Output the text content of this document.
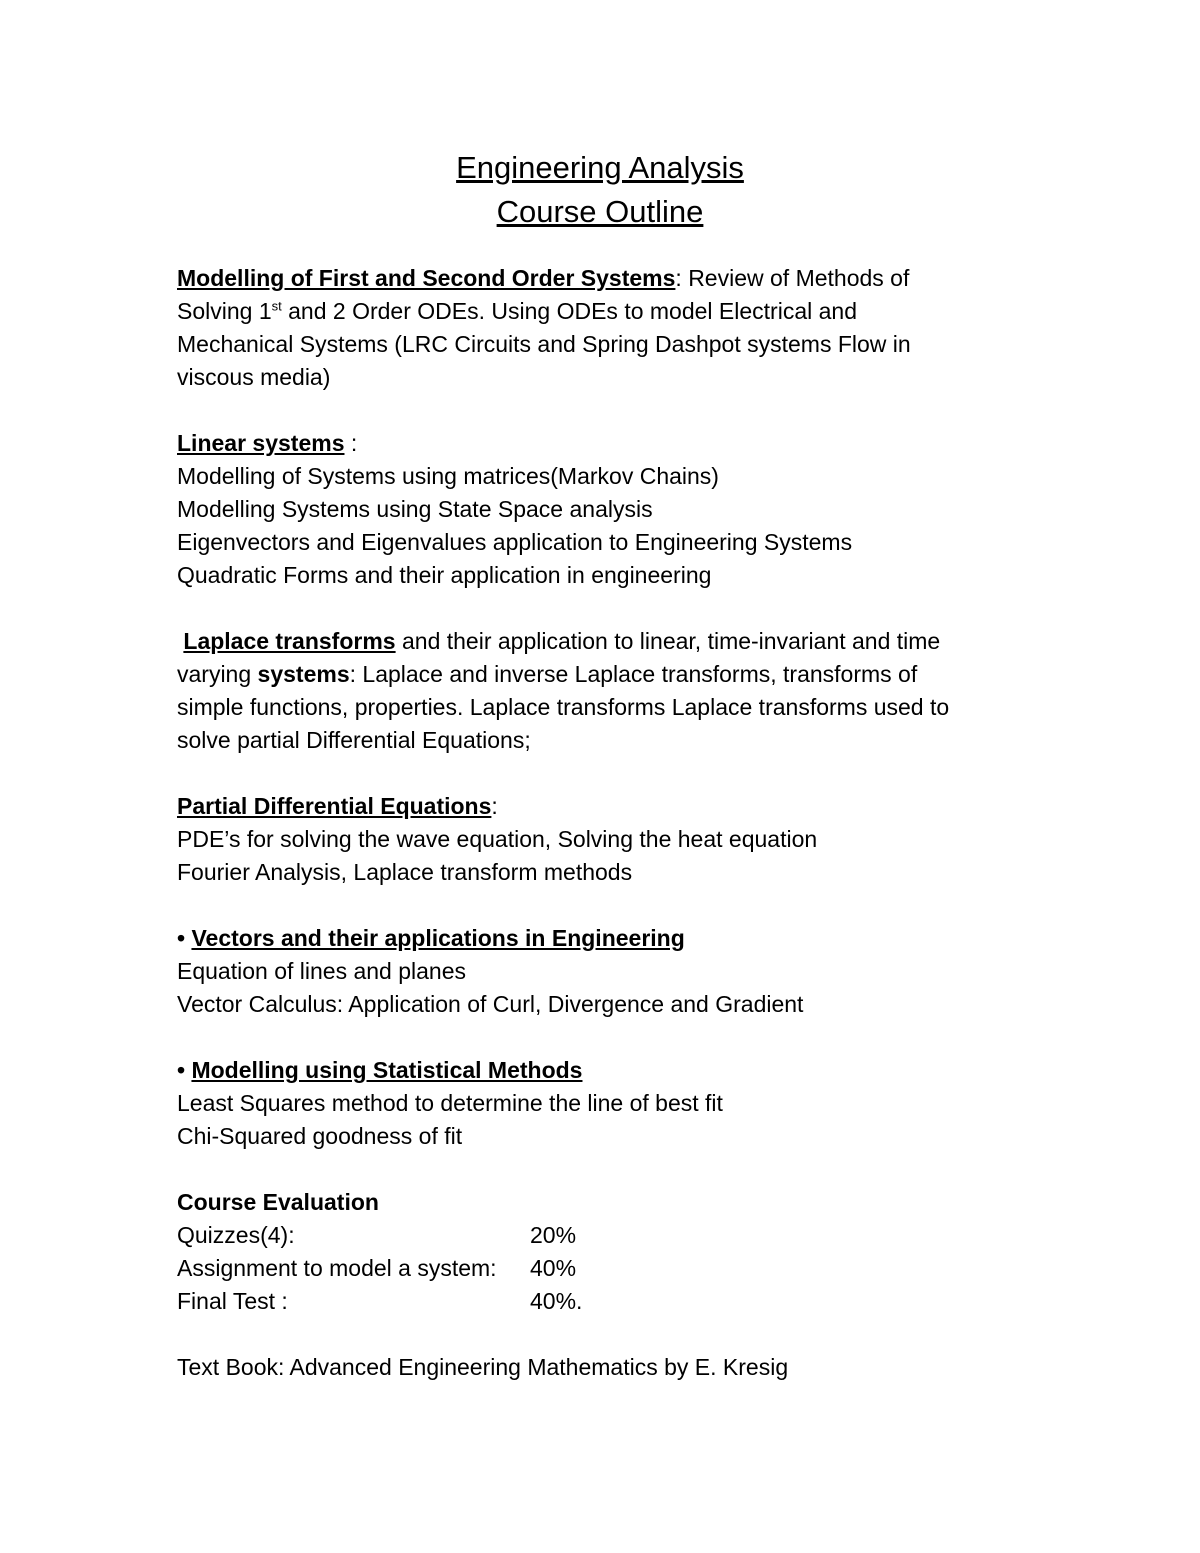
Engineering Analysis
Course Outline
Modelling of First and Second Order Systems: Review of Methods of
Solving 1st and 2 Order ODEs. Using ODEs to model Electrical and
Mechanical Systems (LRC Circuits and Spring Dashpot systems Flow in
viscous media)
Linear systems :
Modelling of Systems using matrices(Markov Chains)
Modelling Systems using State Space analysis
Eigenvectors and Eigenvalues application to Engineering Systems
Quadratic Forms and their application in engineering
Laplace transforms and their application to linear, time-invariant and time
varying systems: Laplace and inverse Laplace transforms, transforms of
simple functions, properties. Laplace transforms Laplace transforms used to
solve partial Differential Equations;
Partial Differential Equations:
PDE’s for solving the wave equation, Solving the heat equation
Fourier Analysis, Laplace transform methods
• Vectors and their applications in Engineering
Equation of lines and planes
Vector Calculus: Application of Curl, Divergence and Gradient
• Modelling using Statistical Methods
Least Squares method to determine the line of best fit
Chi-Squared goodness of fit
Course Evaluation
Quizzes(4):	20%
Assignment to model a system:	40%
Final Test :	40%.
Text Book: Advanced Engineering Mathematics by E. Kresig
